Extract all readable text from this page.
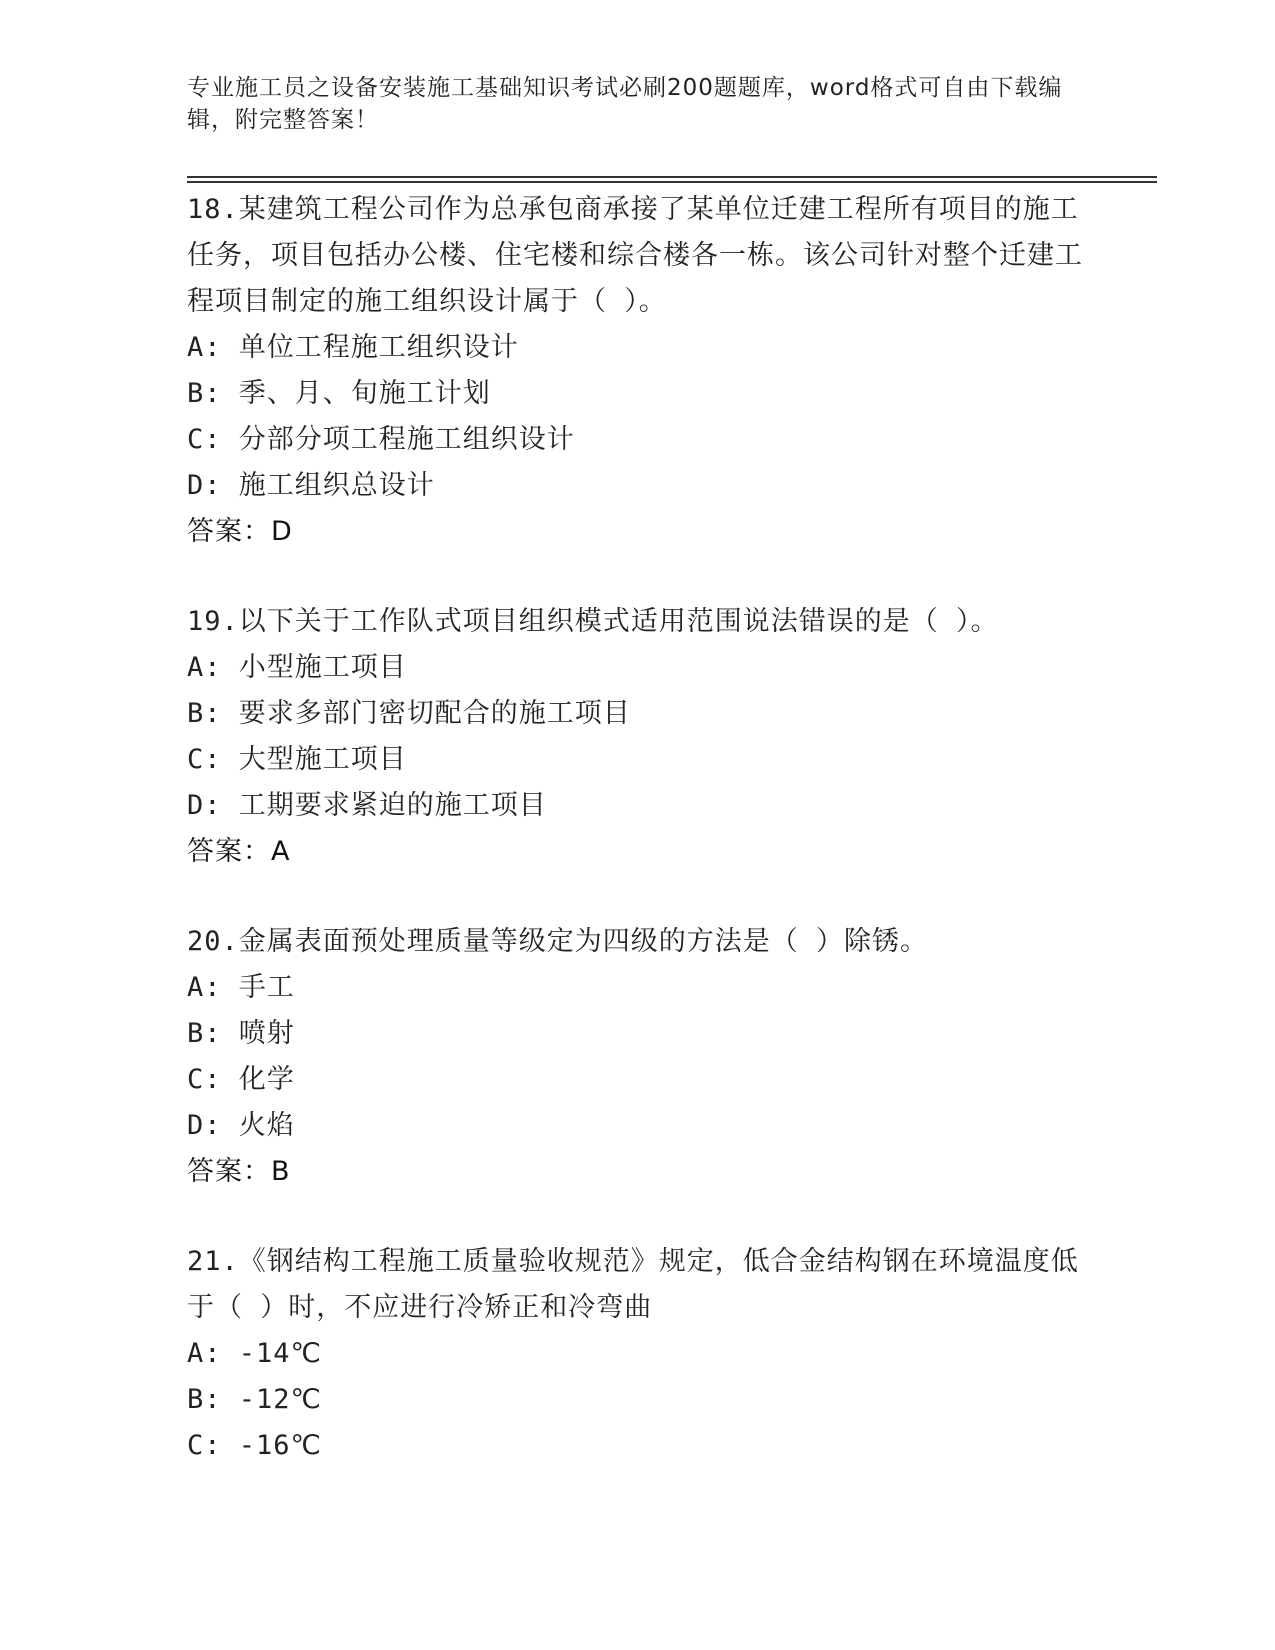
专业施工员之设备安装施工基础知识考试必刷200题题库，word格式可自由下载编辑，附完整答案！
18.某建筑工程公司作为总承包商承接了某单位迁建工程所有项目的施工任务，项目包括办公楼、住宅楼和综合楼各一栋。该公司针对整个迁建工程项目制定的施工组织设计属于（ ）。
A: 单位工程施工组织设计
B: 季、月、旬施工计划
C: 分部分项工程施工组织设计
D: 施工组织总设计
答案：D
19.以下关于工作队式项目组织模式适用范围说法错误的是（ ）。
A: 小型施工项目
B: 要求多部门密切配合的施工项目
C: 大型施工项目
D: 工期要求紧迫的施工项目
答案：A
20.金属表面预处理质量等级定为四级的方法是（ ）除锈。
A: 手工
B: 喷射
C: 化学
D: 火焰
答案：B
21.《钢结构工程施工质量验收规范》规定，低合金结构钢在环境温度低于（ ）时，不应进行冷矫正和冷弯曲
A: -14℃
B: -12℃
C: -16℃
